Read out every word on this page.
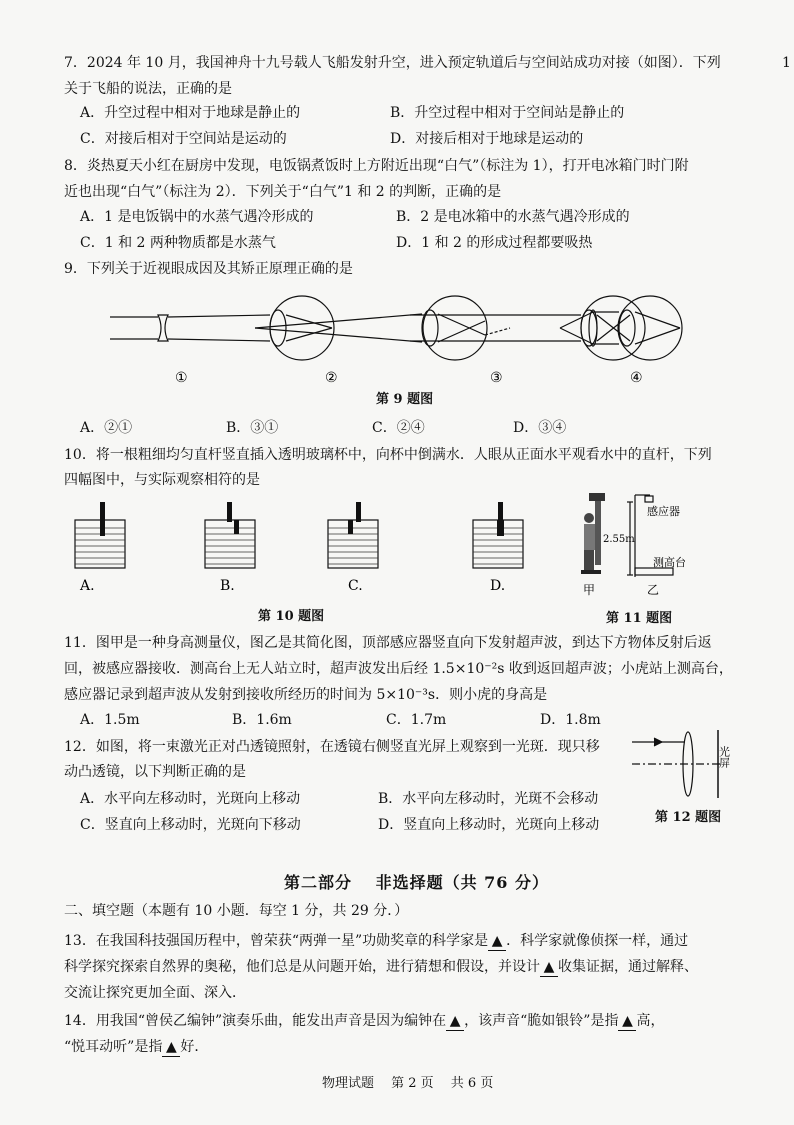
1
7．2024 年 10 月，我国神舟十九号载人飞船发射升空，进入预定轨道后与空间站成功对接（如图）．下列
关于飞船的说法，正确的是
A．升空过程中相对于地球是静止的	B．升空过程中相对于空间站是静止的
C．对接后相对于空间站是运动的	D．对接后相对于地球是运动的
8．炎热夏天小红在厨房中发现，电饭锅煮饭时上方附近出现“白气”（标注为 1），打开电冰箱门时门附
近也出现“白气”（标注为 2）．下列关于“白气”1 和 2 的判断，正确的是
A．1 是电饭锅中的水蒸气遇冷形成的	B．2 是电冰箱中的水蒸气遇冷形成的
C．1 和 2 两种物质都是水蒸气	D．1 和 2 的形成过程都要吸热
9．下列关于近视眼成因及其矫正原理正确的是
①	②	③	④
第 9 题图
A．②①	B．③①	C．②④	D．③④
10．将一根粗细均匀直杆竖直插入透明玻璃杯中，向杯中倒满水．人眼从正面水平观看水中的直杆，下列
四幅图中，与实际观察相符的是
A.	B.	C.	D.
第 10 题图
感应器
2.55m
测高台
甲	乙
第 11 题图
11．图甲是一种身高测量仪，图乙是其简化图，顶部感应器竖直向下发射超声波，到达下方物体反射后返
回，被感应器接收．测高台上无人站立时，超声波发出后经 1.5×10⁻²s 收到返回超声波；小虎站上测高台，
感应器记录到超声波从发射到接收所经历的时间为 5×10⁻³s．则小虎的身高是
A．1.5m	B．1.6m	C．1.7m	D．1.8m
12．如图，将一束激光正对凸透镜照射，在透镜右侧竖直光屏上观察到一光斑．现只移
动凸透镜，以下判断正确的是
A．水平向左移动时，光斑向上移动	B．水平向左移动时，光斑不会移动
C．竖直向上移动时，光斑向下移动	D．竖直向上移动时，光斑向上移动
光屏
第 12 题图
第二部分　 非选择题（共 76 分）
二、填空题（本题有 10 小题．每空 1 分，共 29 分．）
13．在我国科技强国历程中，曾荣获“两弹一星”功勋奖章的科学家是 ▲ ．科学家就像侦探一样，通过
科学探究探索自然界的奥秘，他们总是从问题开始，进行猜想和假设，并设计 ▲ 收集证据，通过解释、
交流让探究更加全面、深入．
14．用我国“曾侯乙编钟”演奏乐曲，能发出声音是因为编钟在 ▲ ，该声音“脆如银铃”是指 ▲ 高，
“悦耳动听”是指 ▲ 好．
物理试题　 第 2 页　 共 6 页
